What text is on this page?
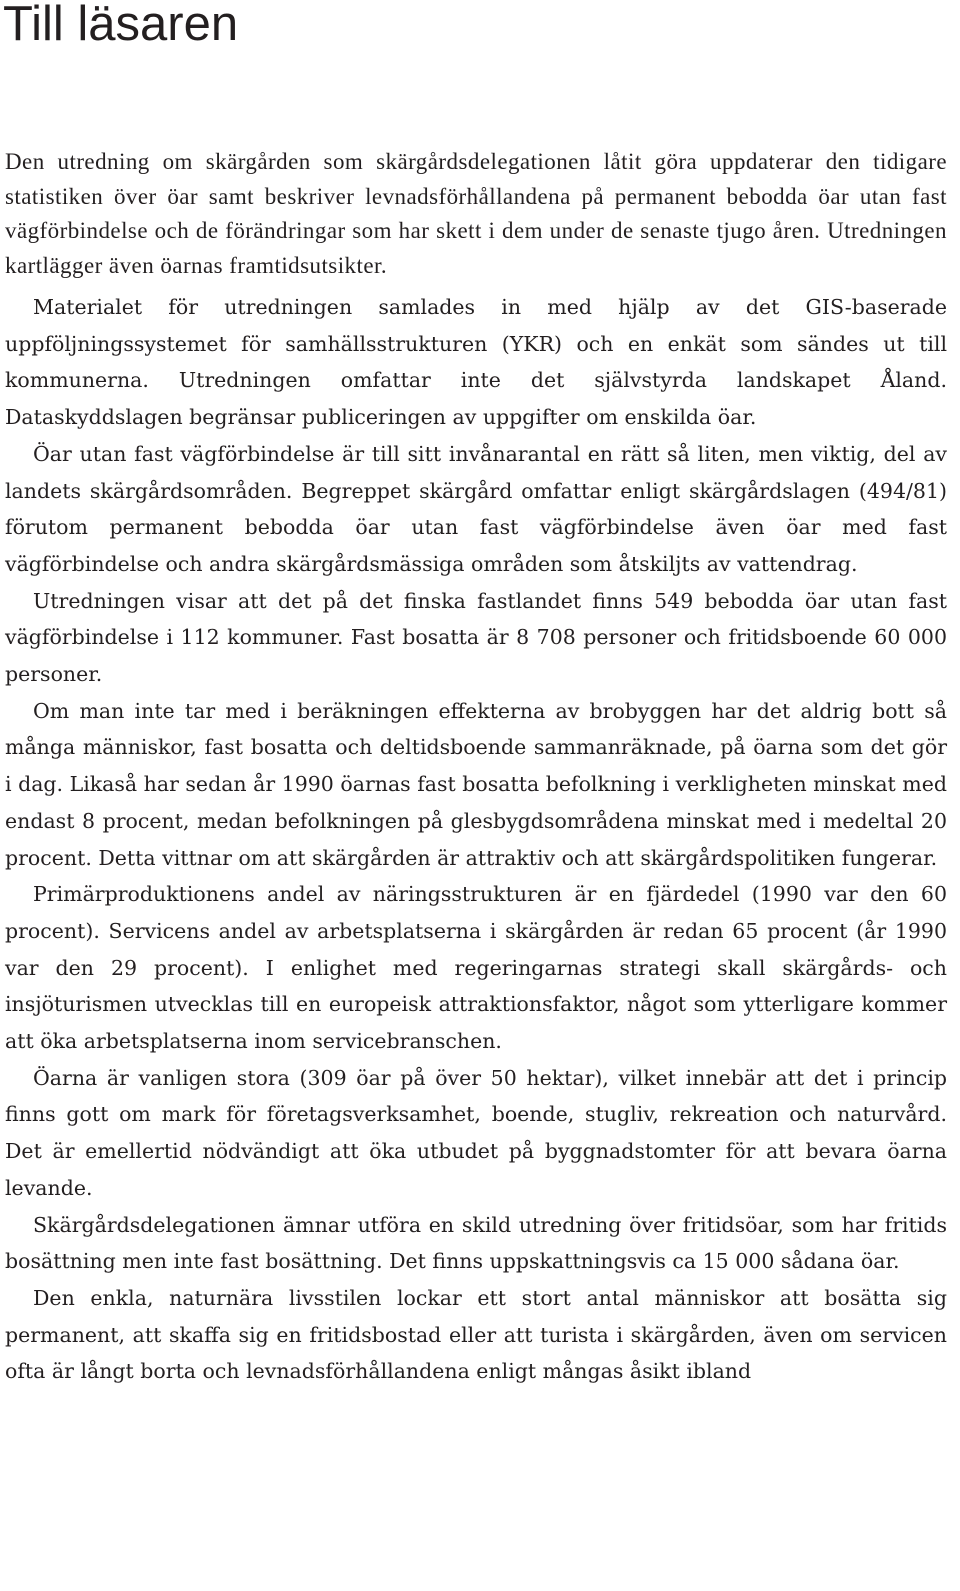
Till läsaren

Den utredning om skärgården som skärgårdsdelegationen låtit göra uppdaterar den tidigare statistiken över öar samt beskriver levnadsförhållandena på permanent bebodda öar utan fast vägförbindelse och de förändringar som har skett i dem under de senaste tjugo åren. Utredningen kartlägger även öarnas framtidsutsikter.

Materialet för utredningen samlades in med hjälp av det GIS-baserade uppföljningssystemet för samhällsstrukturen (YKR) och en enkät som sändes ut till kommunerna. Utredningen omfattar inte det självstyrda landskapet Åland. Dataskyddslagen begränsar publiceringen av uppgifter om enskilda öar.

Öar utan fast vägförbindelse är till sitt invånarantal en rätt så liten, men viktig, del av landets skärgårdsområden. Begreppet skärgård omfattar enligt skärgårdslagen (494/81) förutom permanent bebodda öar utan fast vägförbindelse även öar med fast vägförbindelse och andra skärgårdsmässiga områden som åtskiljts av vattendrag.

Utredningen visar att det på det finska fastlandet finns 549 bebodda öar utan fast vägförbindelse i 112 kommuner. Fast bosatta är 8 708 personer och fritidsboende 60 000 personer.

Om man inte tar med i beräkningen effekterna av brobyggen har det aldrig bott så många människor, fast bosatta och deltidsboende sammanräknade, på öarna som det gör i dag. Likaså har sedan år 1990 öarnas fast bosatta befolkning i verkligheten minskat med endast 8 procent, medan befolkningen på glesbygdsområdena minskat med i medeltal 20 procent. Detta vittnar om att skärgården är attraktiv och att skärgårdspolitiken fungerar.

Primärproduktionens andel av näringsstrukturen är en fjärdedel (1990 var den 60 procent). Servicens andel av arbetsplatserna i skärgården är redan 65 procent (år 1990 var den 29 procent). I enlighet med regeringarnas strategi skall skärgårds- och insjöturismen utvecklas till en europeisk attraktionsfaktor, något som ytterligare kommer att öka arbetsplatserna inom servicebranschen.

Öarna är vanligen stora (309 öar på över 50 hektar), vilket innebär att det i princip finns gott om mark för företagsverksamhet, boende, stugliv, rekreation och naturvård. Det är emellertid nödvändigt att öka utbudet på byggnadstomter för att bevara öarna levande.

Skärgårdsdelegationen ämnar utföra en skild utredning över fritidsöar, som har fritids bosättning men inte fast bosättning. Det finns uppskattningsvis ca 15 000 sådana öar.

Den enkla, naturnära livsstilen lockar ett stort antal människor att bosätta sig permanent, att skaffa sig en fritidsbostad eller att turista i skärgården, även om servicen ofta är långt borta och levnadsförhållandena enligt mångas åsikt ibland
